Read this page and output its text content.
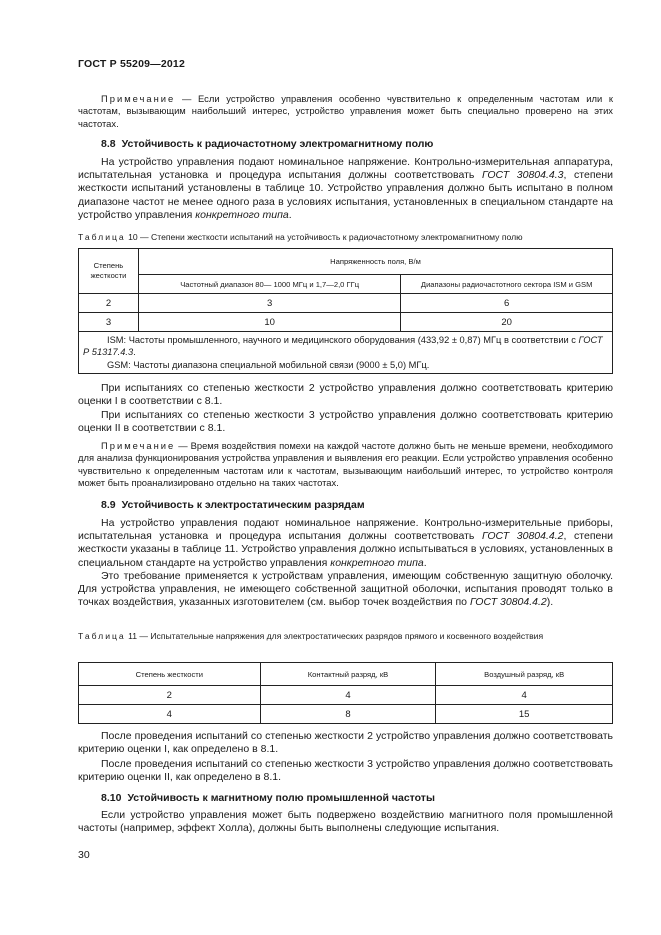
ГОСТ Р 55209—2012
Примечание — Если устройство управления особенно чувствительно к определенным частотам или к частотам, вызывающим наибольший интерес, устройство управления может быть специально проверено на этих частотах.
8.8 Устойчивость к радиочастотному электромагнитному полю
На устройство управления подают номинальное напряжение. Контрольно-измерительная аппаратура, испытательная установка и процедура испытания должны соответствовать ГОСТ 30804.4.3, степени жесткости испытаний установлены в таблице 10. Устройство управления должно быть испытано в полном диапазоне частот не менее одного раза в условиях испытания, установленных в специальном стандарте на устройство управления конкретного типа.
Таблица 10 — Степени жесткости испытаний на устойчивость к радиочастотному электромагнитному полю
Степень жесткости	Напряженность поля, В/м	
	Частотный диапазон 80— 1000 МГц и 1,7—2,0 ГГц	Диапазоны радиочастотного сектора ISM и GSM
2	3	6
3	10	20

ISM: Частоты промышленного, научного и медицинского оборудования (433,92 ± 0,87) МГц в соответствии с ГОСТ Р 51317.4.3.
GSM: Частоты диапазона специальной мобильной связи (9000 ± 5,0) МГц.		
При испытаниях со степенью жесткости 2 устройство управления должно соответствовать критерию оценки I в соответствии с 8.1.
При испытаниях со степенью жесткости 3 устройство управления должно соответствовать критерию оценки II в соответствии с 8.1.
Примечание — Время воздействия помехи на каждой частоте должно быть не меньше времени, необходимого для анализа функционирования устройства управления и выявления его реакции. Если устройство управления особенно чувствительно к определенным частотам или к частотам, вызывающим наибольший интерес, то устройство контроля может быть проанализировано отдельно на таких частотах.
8.9 Устойчивость к электростатическим разрядам
На устройство управления подают номинальное напряжение. Контрольно-измерительные приборы, испытательная установка и процедура испытания должны соответствовать ГОСТ 30804.4.2, степени жесткости указаны в таблице 11. Устройство управления должно испытываться в условиях, установленных в специальном стандарте на устройство управления конкретного типа.
Это требование применяется к устройствам управления, имеющим собственную защитную оболочку. Для устройства управления, не имеющего собственной защитной оболочки, испытания проводят только в точках воздействия, указанных изготовителем (см. выбор точек воздействия по ГОСТ 30804.4.2).
Таблица 11 — Испытательные напряжения для электростатических разрядов прямого и косвенного воздействия
Степень жесткости	Контактный разряд, кВ	Воздушный разряд, кВ
2	4	4
4	8	15
После проведения испытаний со степенью жесткости 2 устройство управления должно соответствовать критерию оценки I, как определено в 8.1.
После проведения испытаний со степенью жесткости 3 устройство управления должно соответствовать критерию оценки II, как определено в 8.1.
8.10 Устойчивость к магнитному полю промышленной частоты
Если устройство управления может быть подвержено воздействию магнитного поля промышленной частоты (например, эффект Холла), должны быть выполнены следующие испытания.
30
